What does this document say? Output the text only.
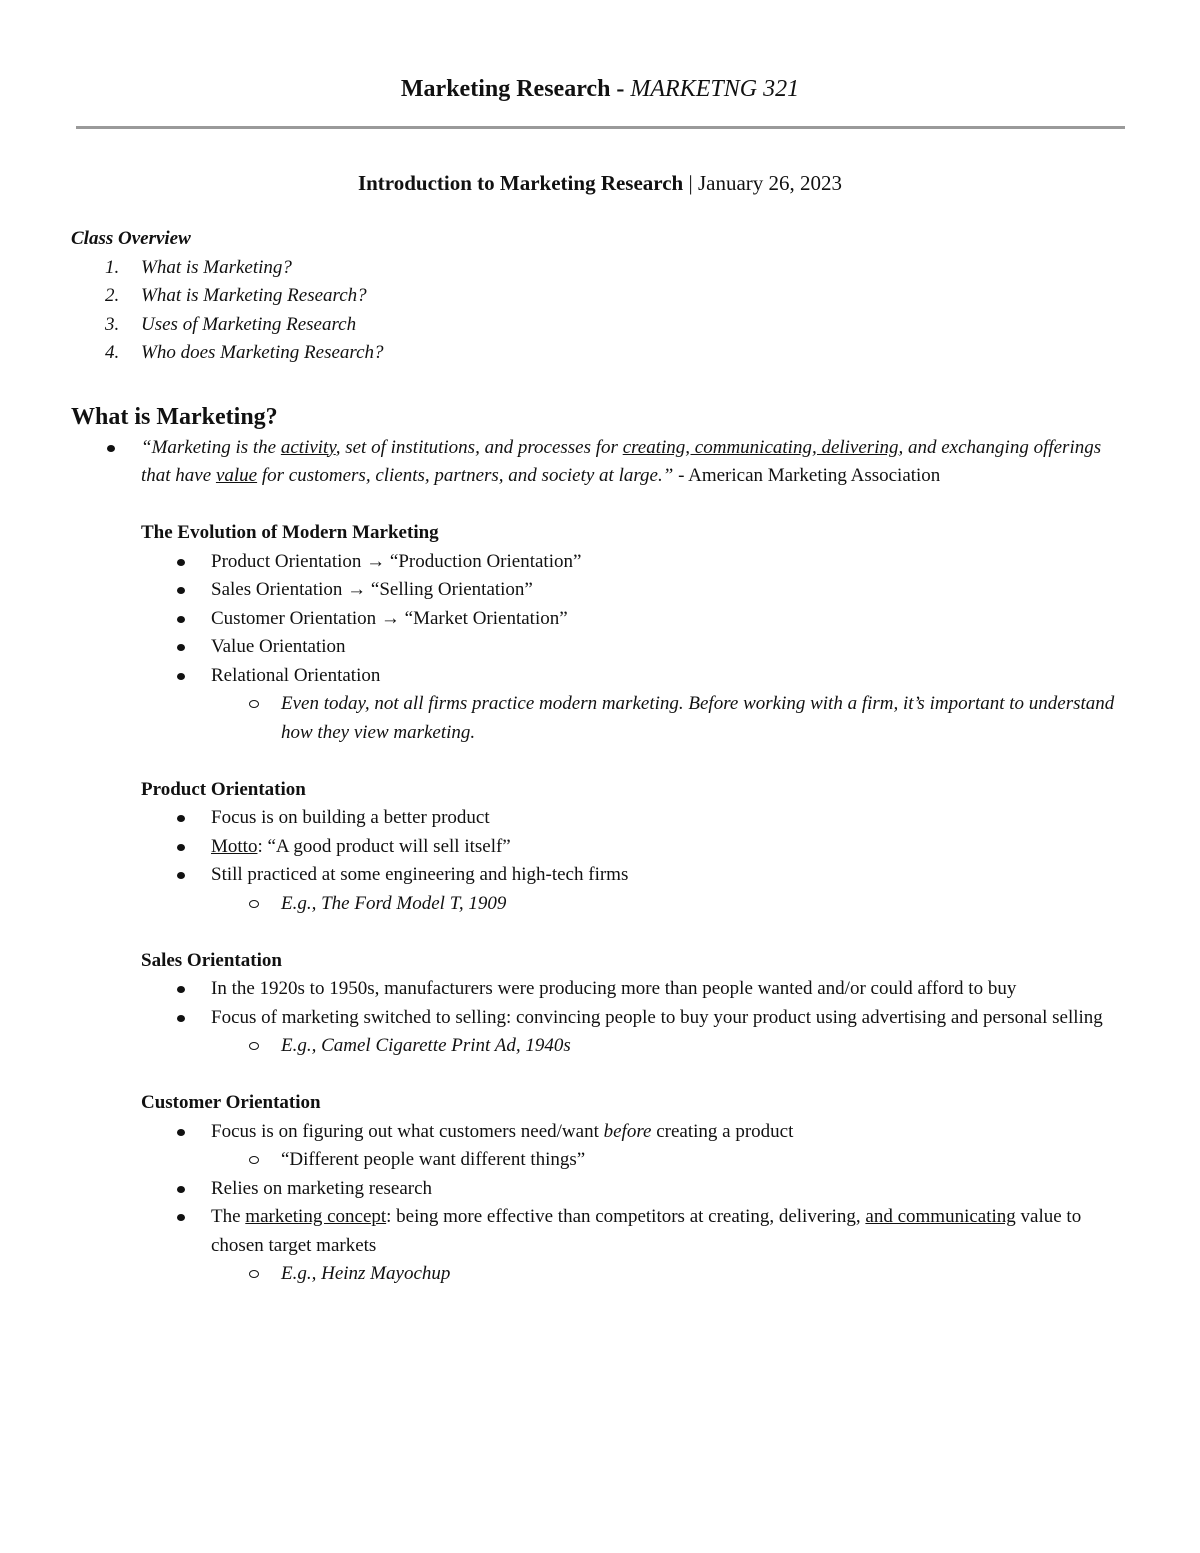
Marketing Research - MARKETNG 321
Introduction to Marketing Research | January 26, 2023
Class Overview
1. What is Marketing?
2. What is Marketing Research?
3. Uses of Marketing Research
4. Who does Marketing Research?
What is Marketing?
“Marketing is the activity, set of institutions, and processes for creating, communicating, delivering, and exchanging offerings that have value for customers, clients, partners, and society at large.” - American Marketing Association
The Evolution of Modern Marketing
Product Orientation → “Production Orientation”
Sales Orientation → “Selling Orientation”
Customer Orientation → “Market Orientation”
Value Orientation
Relational Orientation
Even today, not all firms practice modern marketing. Before working with a firm, it’s important to understand how they view marketing.
Product Orientation
Focus is on building a better product
Motto: “A good product will sell itself”
Still practiced at some engineering and high-tech firms
E.g., The Ford Model T, 1909
Sales Orientation
In the 1920s to 1950s, manufacturers were producing more than people wanted and/or could afford to buy
Focus of marketing switched to selling: convincing people to buy your product using advertising and personal selling
E.g., Camel Cigarette Print Ad, 1940s
Customer Orientation
Focus is on figuring out what customers need/want before creating a product
“Different people want different things”
Relies on marketing research
The marketing concept: being more effective than competitors at creating, delivering, and communicating value to chosen target markets
E.g., Heinz Mayochup
